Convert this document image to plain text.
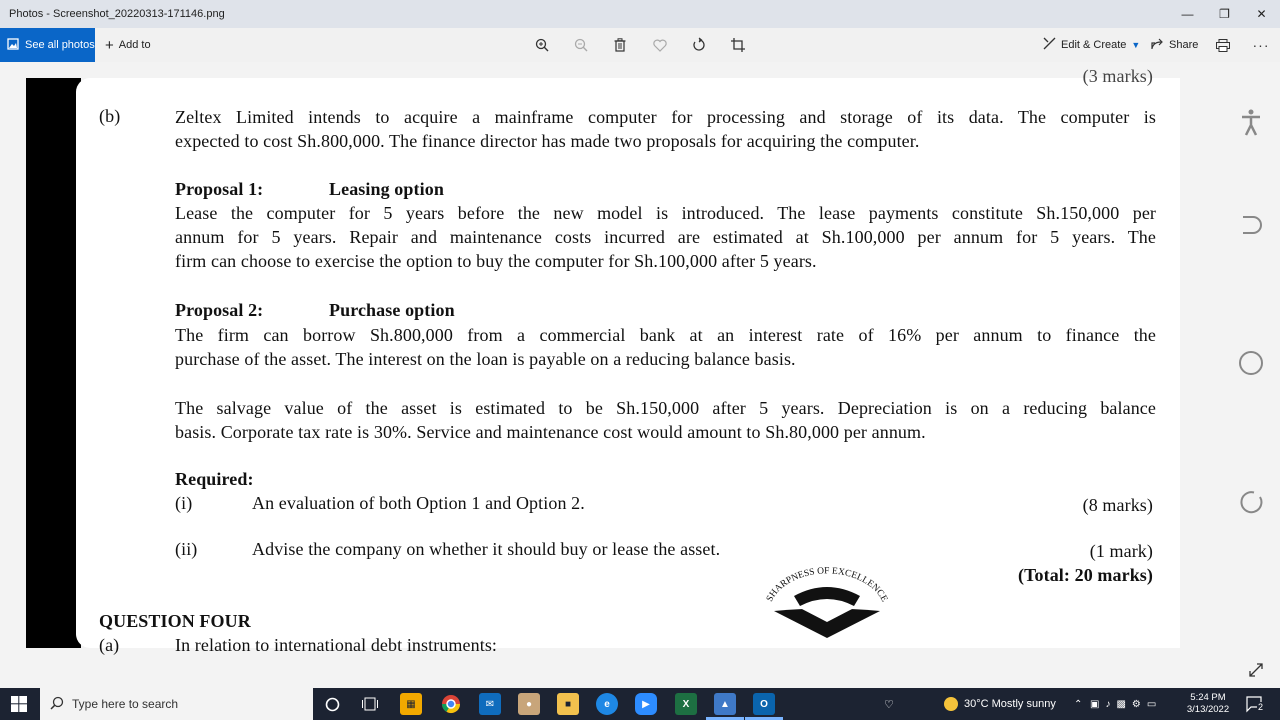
Photos - Screenshot_20220313-171146.png	—	❐	✕
See all photos + Add to	Edit & Create ▼	Share	···
(3 marks)
(b)	Zeltex Limited intends to acquire a mainframe computer for processing and storage of its data. The computer is
expected to cost Sh.800,000. The finance director has made two proposals for acquiring the computer.
Proposal 1:	Leasing option
Lease the computer for 5 years before the new model is introduced. The lease payments constitute Sh.150,000 per
annum for 5 years. Repair and maintenance costs incurred are estimated at Sh.100,000 per annum for 5 years. The
firm can choose to exercise the option to buy the computer for Sh.100,000 after 5 years.
Proposal 2:	Purchase option
The firm can borrow Sh.800,000 from a commercial bank at an interest rate of 16% per annum to finance the
purchase of the asset. The interest on the loan is payable on a reducing balance basis.
The salvage value of the asset is estimated to be Sh.150,000 after 5 years. Depreciation is on a reducing balance
basis. Corporate tax rate is 30%. Service and maintenance cost would amount to Sh.80,000 per annum.
Required:
(i)	An evaluation of both Option 1 and Option 2.	(8 marks)
(ii)	Advise the company on whether it should buy or lease the asset.	(1 mark)
(Total: 20 marks)
SHARPNESS OF EXCELLENCE
QUESTION FOUR
(a)	In relation to international debt instruments:
Type here to search	▦	✉	●	■	e	▶	X	▲	O	♡	30°C Mostly sunny ⌃ ▣ ♪ ▩ ⚙ ▭
5:24 PM
3/13/2022	2
